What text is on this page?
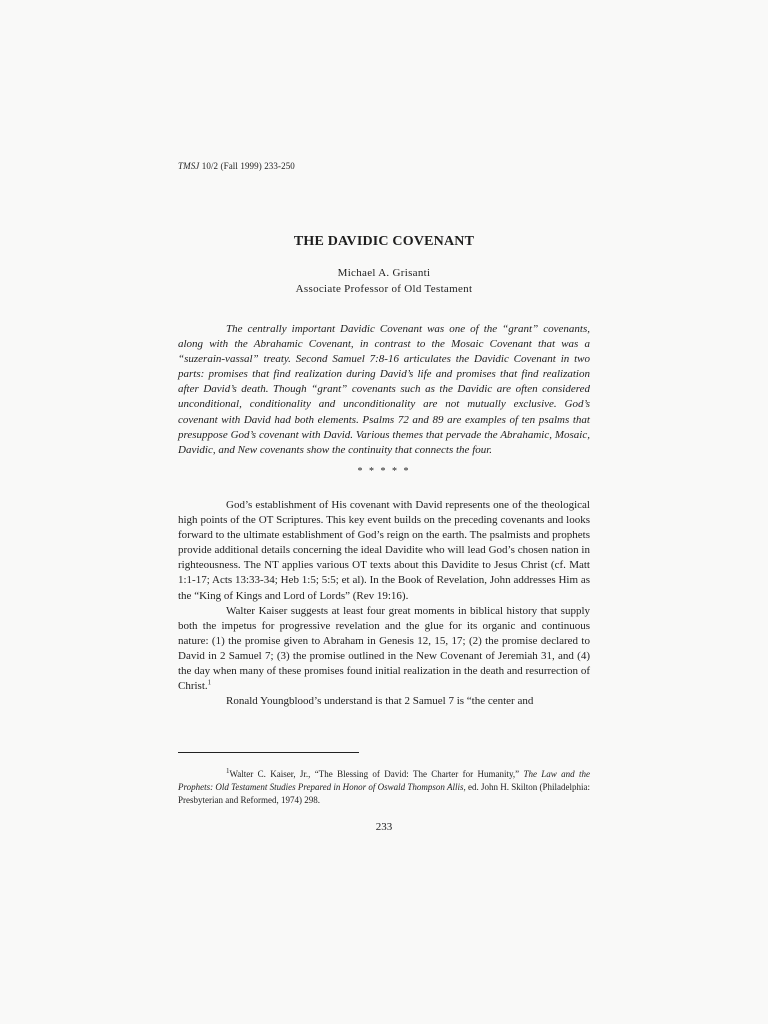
TMSJ 10/2 (Fall 1999) 233-250
THE DAVIDIC COVENANT
Michael A. Grisanti
Associate Professor of Old Testament

The centrally important Davidic Covenant was one of the “grant” covenants, along with the Abrahamic Covenant, in contrast to the Mosaic Covenant that was a “suzerain-vassal” treaty. Second Samuel 7:8-16 articulates the Davidic Covenant in two parts: promises that find realization during David’s life and promises that find realization after David’s death. Though “grant” covenants such as the Davidic are often considered unconditional, conditionality and unconditionality are not mutually exclusive. God’s covenant with David had both elements. Psalms 72 and 89 are examples of ten psalms that presuppose God’s covenant with David. Various themes that pervade the Abrahamic, Mosaic, Davidic, and New covenants show the continuity that connects the four.

* * * * *

God’s establishment of His covenant with David represents one of the theological high points of the OT Scriptures. This key event builds on the preceding covenants and looks forward to the ultimate establishment of God’s reign on the earth. The psalmists and prophets provide additional details concerning the ideal Davidite who will lead God’s chosen nation in righteousness. The NT applies various OT texts about this Davidite to Jesus Christ (cf. Matt 1:1-17; Acts 13:33-34; Heb 1:5; 5:5; et al). In the Book of Revelation, John addresses Him as the “King of Kings and Lord of Lords” (Rev 19:16).

Walter Kaiser suggests at least four great moments in biblical history that supply both the impetus for progressive revelation and the glue for its organic and continuous nature: (1) the promise given to Abraham in Genesis 12, 15, 17; (2) the promise declared to David in 2 Samuel 7; (3) the promise outlined in the New Covenant of Jeremiah 31, and (4) the day when many of these promises found initial realization in the death and resurrection of Christ.$^1$

Ronald Youngblood’s understand is that 2 Samuel 7 is “the center and

$^1$Walter C. Kaiser, Jr., “The Blessing of David: The Charter for Humanity,” The Law and the Prophets: Old Testament Studies Prepared in Honor of Oswald Thompson Allis, ed. John H. Skilton (Philadelphia: Presbyterian and Reformed, 1974) 298.

233
